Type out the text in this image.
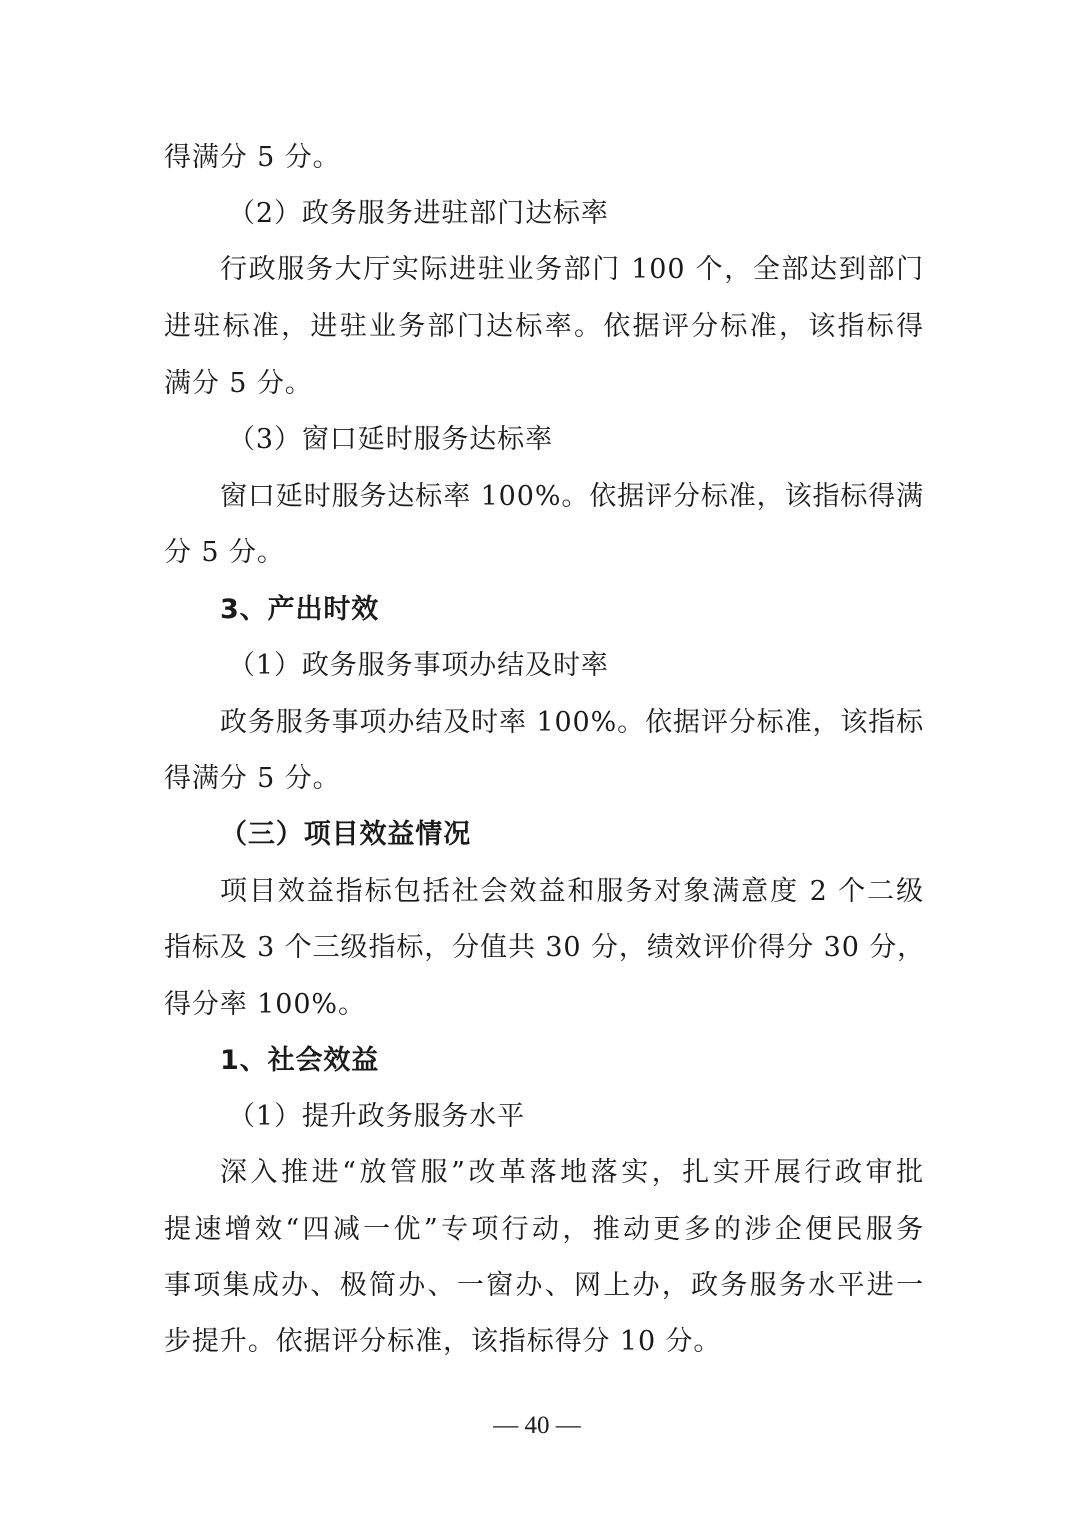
得满分 5 分。
（2）政务服务进驻部门达标率
行政服务大厅实际进驻业务部门 100 个，全部达到部门
进驻标准，进驻业务部门达标率。依据评分标准，该指标得
满分 5 分。
（3）窗口延时服务达标率
窗口延时服务达标率 100%。依据评分标准，该指标得满
分 5 分。
3、产出时效
（1）政务服务事项办结及时率
政务服务事项办结及时率 100%。依据评分标准，该指标
得满分 5 分。
（三）项目效益情况
项目效益指标包括社会效益和服务对象满意度 2 个二级
指标及 3 个三级指标，分值共 30 分，绩效评价得分 30 分，
得分率 100%。
1、社会效益
（1）提升政务服务水平
深入推进“放管服”改革落地落实，扎实开展行政审批
提速增效“四减一优”专项行动，推动更多的涉企便民服务
事项集成办、极简办、一窗办、网上办，政务服务水平进一
步提升。依据评分标准，该指标得分 10 分。
— 40 —
